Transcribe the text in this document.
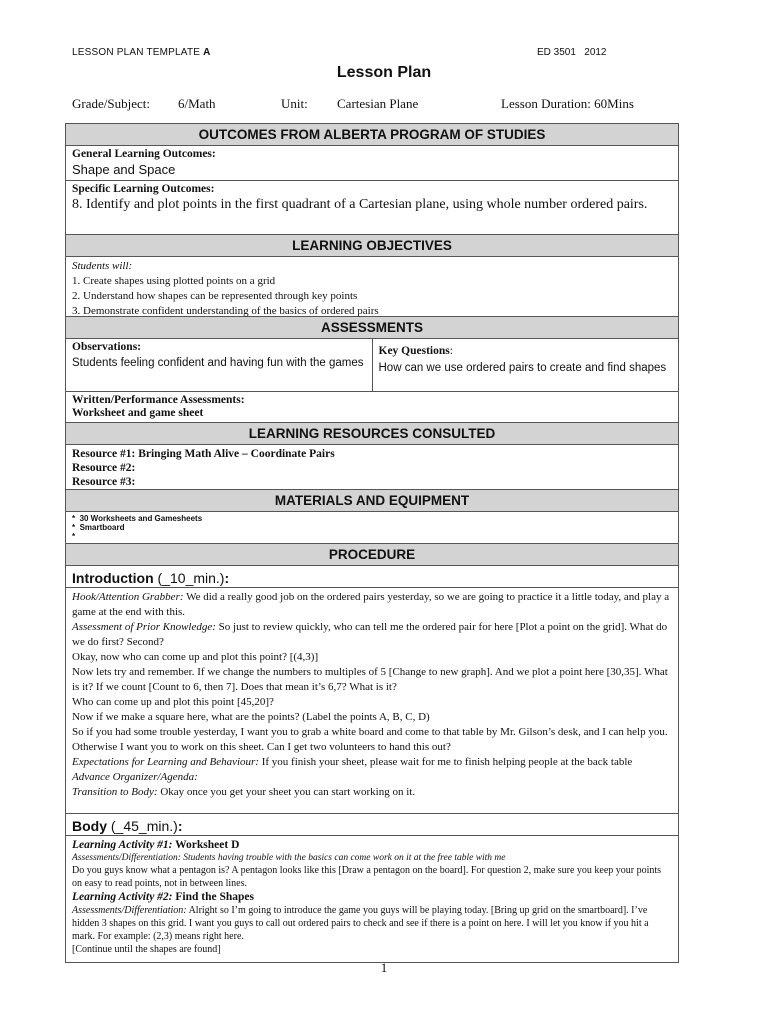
LESSON PLAN TEMPLATE A	ED 3501   2012
Lesson Plan
Grade/Subject: 6/Math	Unit: Cartesian Plane	Lesson Duration: 60Mins
OUTCOMES FROM ALBERTA PROGRAM OF STUDIES
General Learning Outcomes:
Shape and Space
Specific Learning Outcomes:
8. Identify and plot points in the first quadrant of a Cartesian plane, using whole number ordered pairs.
LEARNING OBJECTIVES
Students will:
1. Create shapes using plotted points on a grid
2. Understand how shapes can be represented through key points
3. Demonstrate confident understanding of the basics of ordered pairs
ASSESSMENTS
Observations:
Students feeling confident and having fun with the games
Key Questions:
How can we use ordered pairs to create and find shapes
Written/Performance Assessments:
Worksheet and game sheet
LEARNING RESOURCES CONSULTED
Resource #1: Bringing Math Alive – Coordinate Pairs
Resource #2:
Resource #3:
MATERIALS AND EQUIPMENT
*  30 Worksheets and Gamesheets
*  Smartboard
*
PROCEDURE
Introduction (_10_min.):
Hook/Attention Grabber: We did a really good job on the ordered pairs yesterday, so we are going to practice it a little today, and play a game at the end with this.
Assessment of Prior Knowledge: So just to review quickly, who can tell me the ordered pair for here [Plot a point on the grid]. What do we do first? Second?
Okay, now who can come up and plot this point? [(4,3)]
Now lets try and remember. If we change the numbers to multiples of 5 [Change to new graph]. And we plot a point here [30,35]. What is it? If we count [Count to 6, then 7]. Does that mean it’s 6,7? What is it?
Who can come up and plot this point [45,20]?
Now if we make a square here, what are the points? (Label the points A, B, C, D)
So if you had some trouble yesterday, I want you to grab a white board and come to that table by Mr. Gilson’s desk, and I can help you. Otherwise I want you to work on this sheet. Can I get two volunteers to hand this out?
Expectations for Learning and Behaviour: If you finish your sheet, please wait for me to finish helping people at the back table
Advance Organizer/Agenda:
Transition to Body: Okay once you get your sheet you can start working on it.
Body (_45_min.):
Learning Activity #1: Worksheet D
Assessments/Differentiation: Students having trouble with the basics can come work on it at the free table with me
Do you guys know what a pentagon is? A pentagon looks like this [Draw a pentagon on the board]. For question 2, make sure you keep your points on easy to read points, not in between lines.
Learning Activity #2: Find the Shapes
Assessments/Differentiation: Alright so I’m going to introduce the game you guys will be playing today. [Bring up grid on the smartboard]. I’ve hidden 3 shapes on this grid. I want you guys to call out ordered pairs to check and see if there is a point on here. I will let you know if you hit a mark. For example: (2,3) means right here.
[Continue until the shapes are found]
1
